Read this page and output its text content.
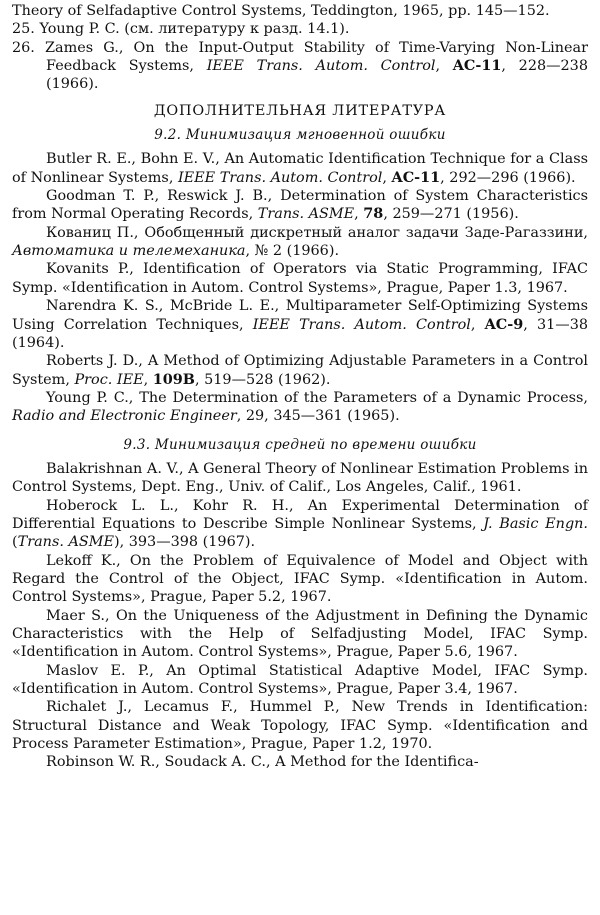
Theory of Selfadaptive Control Systems, Teddington, 1965, pp. 145—152.

25. Young P. C. (см. литературу к разд. 14.1).

26. Zames G., On the Input-Output Stability of Time-Varying Non-Linear Feedback Systems, IEEE Trans. Autom. Control, AC-11, 228—238 (1966).

ДОПОЛНИТЕЛЬНАЯ ЛИТЕРАТУРА

9.2. Минимизация мгновенной ошибки

Butler R. E., Bohn E. V., An Automatic Identification Technique for a Class of Nonlinear Systems, IEEE Trans. Autom. Control, AC-11, 292—296 (1966).

Goodman T. P., Reswick J. B., Determination of System Characteristics from Normal Operating Records, Trans. ASME, 78, 259—271 (1956).

Кованиц П., Обобщенный дискретный аналог задачи Заде-Рагаззини, Автоматика и телемеханика, № 2 (1966).

Kovanits P., Identification of Operators via Static Programming, IFAC Symp. «Identification in Autom. Control Systems», Prague, Paper 1.3, 1967.

Narendra K. S., McBride L. E., Multiparameter Self-Optimizing Systems Using Correlation Techniques, IEEE Trans. Autom. Control, AC-9, 31—38 (1964).

Roberts J. D., A Method of Optimizing Adjustable Parameters in a Control System, Proc. IEE, 109B, 519—528 (1962).

Young P. C., The Determination of the Parameters of a Dynamic Process, Radio and Electronic Engineer, 29, 345—361 (1965).

9.3. Минимизация средней по времени ошибки

Balakrishnan A. V., A General Theory of Nonlinear Estimation Problems in Control Systems, Dept. Eng., Univ. of Calif., Los Angeles, Calif., 1961.

Hoberock L. L., Kohr R. H., An Experimental Determination of Differential Equations to Describe Simple Nonlinear Systems, J. Basic Engn. (Trans. ASME), 393—398 (1967).

Lekoff K., On the Problem of Equivalence of Model and Object with Regard the Control of the Object, IFAC Symp. «Identification in Autom. Control Systems», Prague, Paper 5.2, 1967.

Maer S., On the Uniqueness of the Adjustment in Defining the Dynamic Characteristics with the Help of Selfadjusting Model, IFAC Symp. «Identification in Autom. Control Systems», Prague, Paper 5.6, 1967.

Maslov E. P., An Optimal Statistical Adaptive Model, IFAC Symp. «Identification in Autom. Control Systems», Prague, Paper 3.4, 1967.

Richalet J., Lecamus F., Hummel P., New Trends in Identification: Structural Distance and Weak Topology, IFAC Symp. «Identification and Process Parameter Estimation», Prague, Paper 1.2, 1970.

Robinson W. R., Soudack A. C., A Method for the Identifica-
